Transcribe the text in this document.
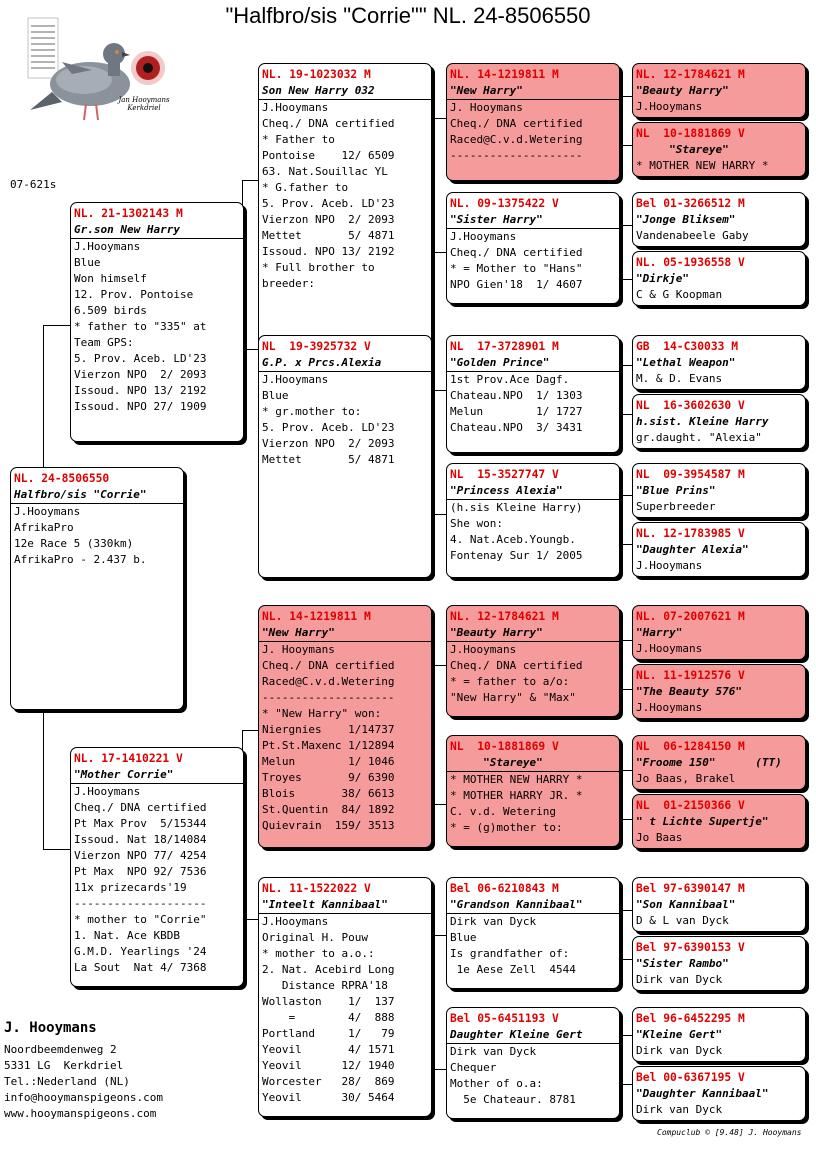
"Halfbro/sis "Corrie"" NL. 24-8506550
Jan Hooymans
Kerkdriel
07-621s
NL. 24-8506550
Halfbro/sis "Corrie"
J.Hooymans
AfrikaPro
12e Race 5 (330km)
AfrikaPro - 2.437 b.
NL. 21-1302143 M
Gr.son New Harry
J.Hooymans
Blue
Won himself
12. Prov. Pontoise
6.509 birds
* father to "335" at
Team GPS:
5. Prov. Aceb. LD'23
Vierzon NPO  2/ 2093
Issoud. NPO 13/ 2192
Issoud. NPO 27/ 1909
NL. 17-1410221 V
"Mother Corrie"
J.Hooymans
Cheq./ DNA certified
Pt Max Prov  5/15344
Issoud. Nat 18/14084
Vierzon NPO 77/ 4254
Pt Max  NPO 92/ 7536
11x prizecards'19
--------------------
* mother to "Corrie"
1. Nat. Ace KBDB
G.M.D. Yearlings '24
La Sout  Nat 4/ 7368
NL. 19-1023032 M
Son New Harry 032
J.Hooymans
Cheq./ DNA certified
* Father to
Pontoise    12/ 6509
63. Nat.Souillac YL
* G.father to
5. Prov. Aceb. LD'23
Vierzon NPO  2/ 2093
Mettet       5/ 4871
Issoud. NPO 13/ 2192
* Full brother to
breeder:
NL  19-3925732 V
G.P. x Prcs.Alexia
J.Hooymans
Blue
* gr.mother to:
5. Prov. Aceb. LD'23
Vierzon NPO  2/ 2093
Mettet       5/ 4871
NL. 14-1219811 M
"New Harry"
J. Hooymans
Cheq./ DNA certified
Raced@C.v.d.Wetering
--------------------
* "New Harry" won:
Niergnies    1/14737
Pt.St.Maxenc 1/12894
Melun        1/ 1046
Troyes       9/ 6390
Blois       38/ 6613
St.Quentin  84/ 1892
Quievrain  159/ 3513
NL. 11-1522022 V
"Inteelt Kannibaal"
J.Hooymans
Original H. Pouw
* mother to a.o.:
2. Nat. Acebird Long
Distance RPRA'18
Wollaston    1/  137
=        4/  888
Portland     1/   79
Yeovil       4/ 1571
Yeovil      12/ 1940
Worcester   28/  869
Yeovil      30/ 5464
NL. 14-1219811 M
"New Harry"
J. Hooymans
Cheq./ DNA certified
Raced@C.v.d.Wetering
--------------------
NL. 09-1375422 V
"Sister Harry"
J.Hooymans
Cheq./ DNA certified
* = Mother to "Hans"
NPO Gien'18  1/ 4607
NL  17-3728901 M
"Golden Prince"
1st Prov.Ace Dagf.
Chateau.NPO  1/ 1303
Melun        1/ 1727
Chateau.NPO  3/ 3431
NL  15-3527747 V
"Princess Alexia"
(h.sis Kleine Harry)
She won:
4. Nat.Aceb.Youngb.
Fontenay Sur 1/ 2005
NL. 12-1784621 M
"Beauty Harry"
J.Hooymans
Cheq./ DNA certified
* = father to a/o:
"New Harry" & "Max"
NL  10-1881869 V
"Stareye"
* MOTHER NEW HARRY *
* MOTHER HARRY JR. *
C. v.d. Wetering
* = (g)mother to:
Bel 06-6210843 M
"Grandson Kannibaal"
Dirk van Dyck
Blue
Is grandfather of:
1e Aese Zell  4544
Bel 05-6451193 V
Daughter Kleine Gert
Dirk van Dyck
Chequer
Mother of o.a:
5e Chateaur. 8781
NL. 12-1784621 M
"Beauty Harry"
J.Hooymans
NL  10-1881869 V
"Stareye"
* MOTHER NEW HARRY *
Bel 01-3266512 M
"Jonge Bliksem"
Vandenabeele Gaby
NL. 05-1936558 V
"Dirkje"
C & G Koopman
GB  14-C30033 M
"Lethal Weapon"
M. & D. Evans
NL  16-3602630 V
h.sist. Kleine Harry
gr.daught. "Alexia"
NL  09-3954587 M
"Blue Prins"
Superbreeder
NL. 12-1783985 V
"Daughter Alexia"
J.Hooymans
NL. 07-2007621 M
"Harry"
J.Hooymans
NL. 11-1912576 V
"The Beauty 576"
J.Hooymans
NL  06-1284150 M
"Froome 150"      (TT)
Jo Baas, Brakel
NL  01-2150366 V
" t Lichte Supertje"
Jo Baas
Bel 97-6390147 M
"Son Kannibaal"
D & L van Dyck
Bel 97-6390153 V
"Sister Rambo"
Dirk van Dyck
Bel 96-6452295 M
"Kleine Gert"
Dirk van Dyck
Bel 00-6367195 V
"Daughter Kannibaal"
Dirk van Dyck
J. Hooymans
Noordbeemdenweg 2
5331 LG  Kerkdriel
Tel.:Nederland (NL)
info@hooymanspigeons.com
www.hooymanspigeons.com
Compuclub © [9.48] J. Hooymans
